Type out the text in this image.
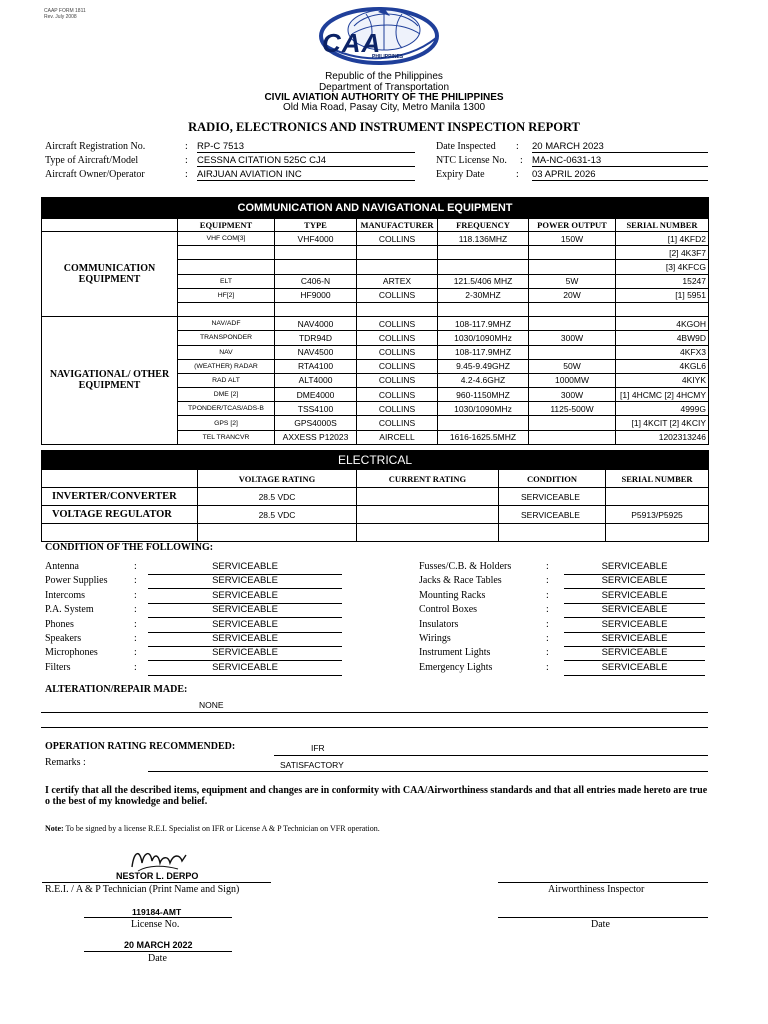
CAAP FORM 1811
Rev. July 2008
CAA
PHILIPPINES
Republic of the Philippines
Department of Transportation
CIVIL AVIATION AUTHORITY OF THE PHILIPPINES
Old Mia Road, Pasay City, Metro Manila 1300
RADIO, ELECTRONICS AND INSTRUMENT INSPECTION REPORT
Aircraft Registration No.	: RP-C 7513
Type of Aircraft/Model	: CESSNA CITATION 525C CJ4
Aircraft Owner/Operator	: AIRJUAN AVIATION INC
Date Inspected : 20 MARCH 2023
NTC License No. : MA-NC-0631-13
Expiry Date	: 03 APRIL 2026
COMMUNICATION AND NAVIGATIONAL EQUIPMENT						
	EQUIPMENT	TYPE	MANUFACTURER	FREQUENCY	POWER OUTPUT	SERIAL NUMBER
COMMUNICATION EQUIPMENT	VHF COM[3]	VHF4000	COLLINS	118.136MHZ	150W	[1] 4KFD2
						[2] 4K3F7
						[3] 4KFCG
	ELT	C406-N	ARTEX	121.5/406 MHZ	5W	15247
	HF[2]	HF9000	COLLINS	2-30MHZ	20W	[1] 5951

NAVIGATIONAL/ OTHER EQUIPMENT	NAV/ADF	NAV4000	COLLINS	108-117.9MHZ		4KGOH
	TRANSPONDER	TDR94D	COLLINS	1030/1090MHz	300W	4BW9D
	NAV	NAV4500	COLLINS	108-117.9MHZ		4KFX3
	(WEATHER) RADAR	RTA4100	COLLINS	9.45-9.49GHZ	50W	4KGL6
	RAD ALT	ALT4000	COLLINS	4.2-4.6GHZ	1000MW	4KIYK
	DME [2]	DME4000	COLLINS	960-1150MHZ	300W	[1] 4HCMC [2] 4HCMY
	TPONDER/TCAS/ADS-B	TSS4100	COLLINS	1030/1090MHz	1125-500W	4999G
	GPS [2]	GPS4000S	COLLINS			[1] 4KCIT [2] 4KCIY
	TEL TRANCVR	AXXESS P12023	AIRCELL	1616-1625.5MHZ		1202313246
ELECTRICAL				
	VOLTAGE RATING	CURRENT RATING	CONDITION	SERIAL NUMBER
INVERTER/CONVERTER	28.5 VDC		SERVICEABLE	
VOLTAGE REGULATOR	28.5 VDC		SERVICEABLE	P5913/P5925

CONDITION OF THE FOLLOWING:
Antenna	:	SERVICEABLE
Power Supplies	:	SERVICEABLE
Intercoms	:	SERVICEABLE
P.A. System	:	SERVICEABLE
Phones	:	SERVICEABLE
Speakers	:	SERVICEABLE
Microphones	:	SERVICEABLE
Filters	:	SERVICEABLE
Fusses/C.B. & Holders	:	SERVICEABLE
Jacks & Race Tables	:	SERVICEABLE
Mounting Racks	:	SERVICEABLE
Control Boxes	:	SERVICEABLE
Insulators	:	SERVICEABLE
Wirings	:	SERVICEABLE
Instrument Lights	:	SERVICEABLE
Emergency Lights	:	SERVICEABLE
ALTERATION/REPAIR MADE:
NONE
OPERATION RATING RECOMMENDED:	IFR
Remarks :	SATISFACTORY
I certify that all the described items, equipment and changes are in conformity with CAA/Airworthiness standards and that all entries made hereto are true o the best of my knowledge and belief.
Note: To be signed by a license R.E.I. Specialist on IFR or License A & P Technician on VFR operation.
NESTOR L. DERPO
R.E.I. / A & P Technician (Print Name and Sign)
119184-AMT
License No.
20 MARCH 2022
Date
Airworthiness Inspector
Date
